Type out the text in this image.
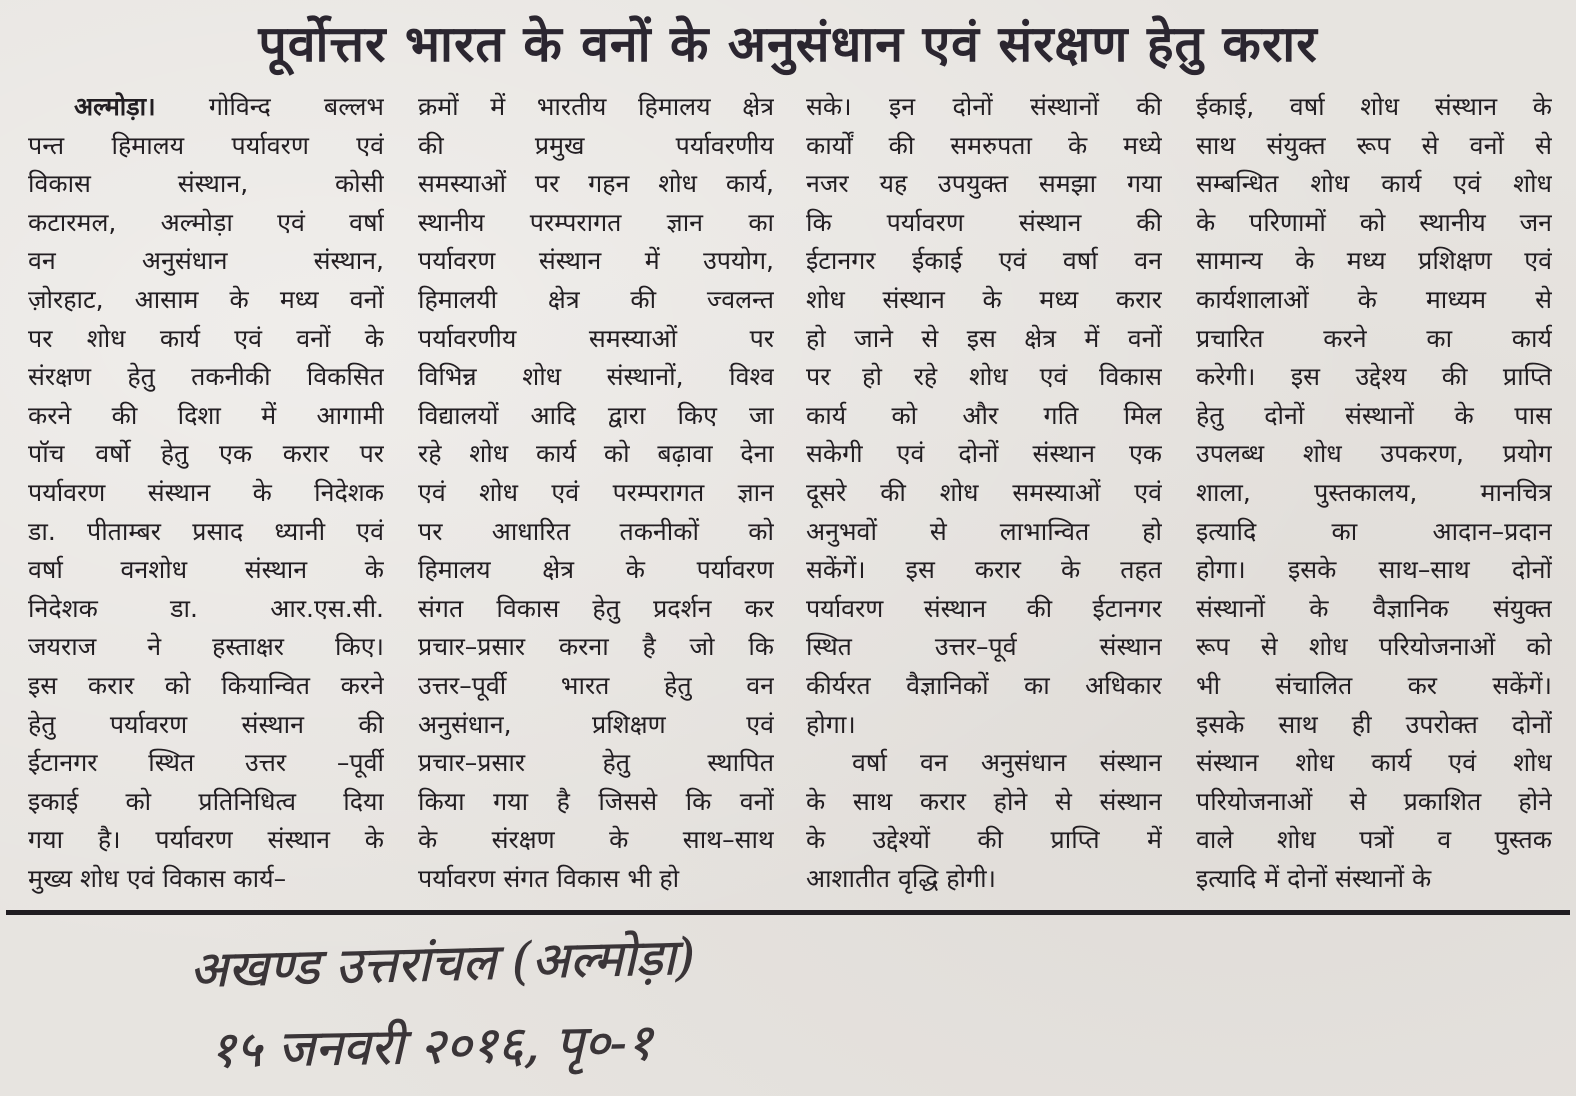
पूर्वोत्तर भारत के वनों के अनुसंधान एवं संरक्षण हेतु करार
अल्मोड़ा। गोविन्द बल्लभ
पन्त हिमालय पर्यावरण एवं
विकास संस्थान, कोसी
कटारमल, अल्मोड़ा एवं वर्षा
वन अनुसंधान संस्थान,
ज़ोरहाट, आसाम के मध्य वनों
पर शोध कार्य एवं वनों के
संरक्षण हेतु तकनीकी विकसित
करने की दिशा में आगामी
पॉच वर्षो हेतु एक करार पर
पर्यावरण संस्थान के निदेशक
डा. पीताम्बर प्रसाद ध्यानी एवं
वर्षा वनशोध संस्थान के
निदेशक डा. आर.एस.सी.
जयराज ने हस्ताक्षर किए।
इस करार को कियान्वित करने
हेतु पर्यावरण संस्थान की
ईटानगर स्थित उत्तर –पूर्वी
इकाई को प्रतिनिधित्व दिया
गया है। पर्यावरण संस्थान के
मुख्य शोध एवं विकास कार्य–
क्रमों में भारतीय हिमालय क्षेत्र
की प्रमुख पर्यावरणीय
समस्याओं पर गहन शोध कार्य,
स्थानीय परम्परागत ज्ञान का
पर्यावरण संस्थान में उपयोग,
हिमालयी क्षेत्र की ज्वलन्त
पर्यावरणीय समस्याओं पर
विभिन्न शोध संस्थानों, विश्व
विद्यालयों आदि द्वारा किए जा
रहे शोध कार्य को बढ़ावा देना
एवं शोध एवं परम्परागत ज्ञान
पर आधारित तकनीकों को
हिमालय क्षेत्र के पर्यावरण
संगत विकास हेतु प्रदर्शन कर
प्रचार–प्रसार करना है जो कि
उत्तर–पूर्वी भारत हेतु वन
अनुसंधान, प्रशिक्षण एवं
प्रचार–प्रसार हेतु स्थापित
किया गया है जिससे कि वनों
के संरक्षण के साथ–साथ
पर्यावरण संगत विकास भी हो
सके। इन दोनों संस्थानों की
कार्यों की समरुपता के मध्ये
नजर यह उपयुक्त समझा गया
कि पर्यावरण संस्थान की
ईटानगर ईकाई एवं वर्षा वन
शोध संस्थान के मध्य करार
हो जाने से इस क्षेत्र में वनों
पर हो रहे शोध एवं विकास
कार्य को और गति मिल
सकेगी एवं दोनों संस्थान एक
दूसरे की शोध समस्याओं एवं
अनुभवों से लाभान्वित हो
सकेंगें। इस करार के तहत
पर्यावरण संस्थान की ईटानगर
स्थित उत्तर–पूर्व संस्थान
कीर्यरत वैज्ञानिकों का अधिकार
होगा।
वर्षा वन अनुसंधान संस्थान
के साथ करार होने से संस्थान
के उद्देश्यों की प्राप्ति में
आशातीत वृद्धि होगी।
ईकाई, वर्षा शोध संस्थान के
साथ संयुक्त रूप से वनों से
सम्बन्धित शोध कार्य एवं शोध
के परिणामों को स्थानीय जन
सामान्य के मध्य प्रशिक्षण एवं
कार्यशालाओं के माध्यम से
प्रचारित करने का कार्य
करेगी। इस उद्देश्य की प्राप्ति
हेतु दोनों संस्थानों के पास
उपलब्ध शोध उपकरण, प्रयोग
शाला, पुस्तकालय, मानचित्र
इत्यादि का आदान–प्रदान
होगा। इसके साथ–साथ दोनों
संस्थानों के वैज्ञानिक संयुक्त
रूप से शोध परियोजनाओं को
भी संचालित कर सकेंगें।
इसके साथ ही उपरोक्त दोनों
संस्थान शोध कार्य एवं शोध
परियोजनाओं से प्रकाशित होने
वाले शोध पत्रों व पुस्तक
इत्यादि में दोनों संस्थानों के
अखण्ड उत्तरांचल (अल्मोड़ा)
१५ जनवरी २०१६, पृ०-१
